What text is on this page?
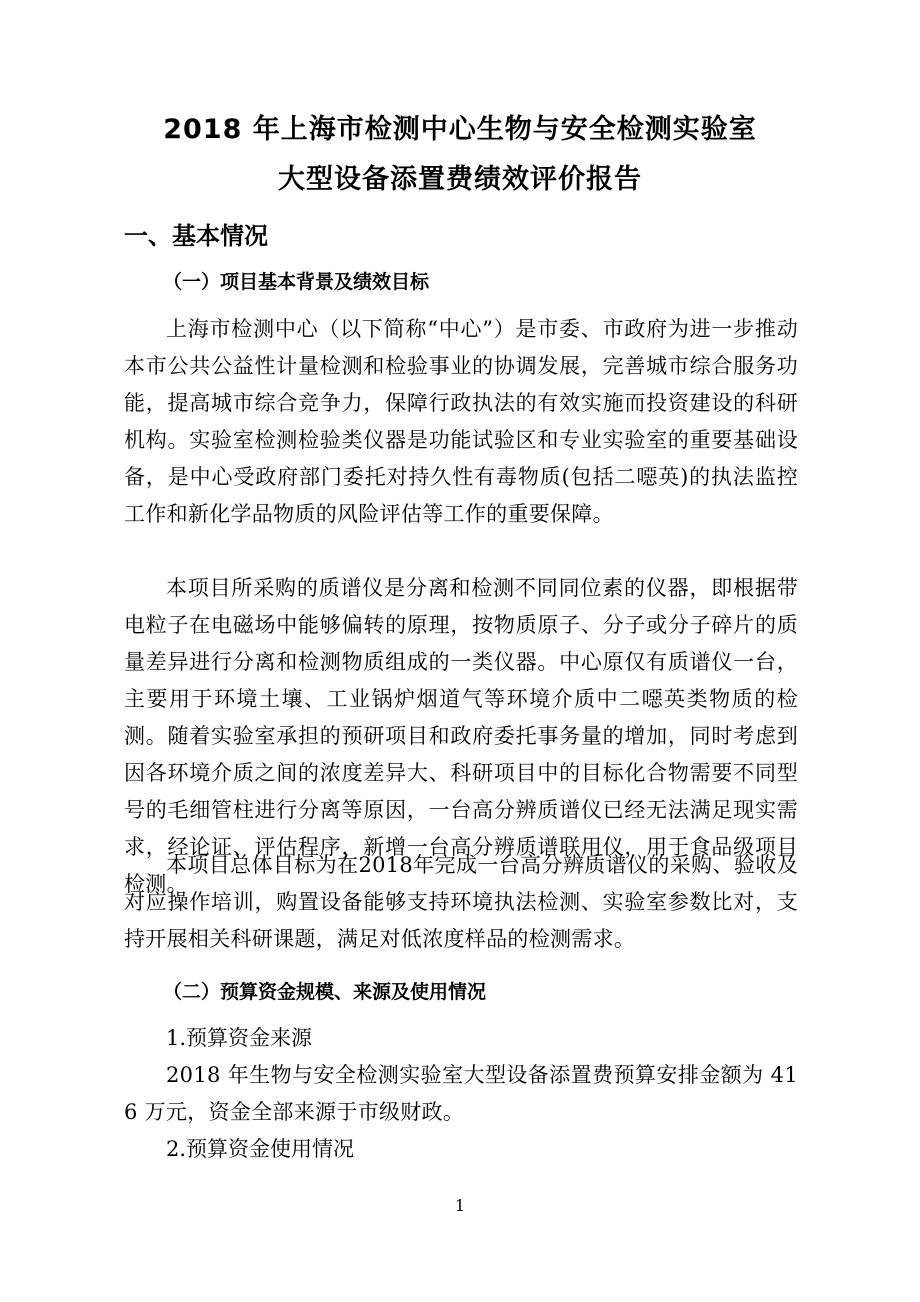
2018 年上海市检测中心生物与安全检测实验室
大型设备添置费绩效评价报告
一、基本情况
（一）项目基本背景及绩效目标
上海市检测中心（以下简称“中心”）是市委、市政府为进一步推动本市公共公益性计量检测和检验事业的协调发展，完善城市综合服务功能，提高城市综合竞争力，保障行政执法的有效实施而投资建设的科研机构。实验室检测检验类仪器是功能试验区和专业实验室的重要基础设备，是中心受政府部门委托对持久性有毒物质(包括二噁英)的执法监控工作和新化学品物质的风险评估等工作的重要保障。
本项目所采购的质谱仪是分离和检测不同同位素的仪器，即根据带电粒子在电磁场中能够偏转的原理，按物质原子、分子或分子碎片的质量差异进行分离和检测物质组成的一类仪器。中心原仅有质谱仪一台，主要用于环境土壤、工业锅炉烟道气等环境介质中二噁英类物质的检测。随着实验室承担的预研项目和政府委托事务量的增加，同时考虑到因各环境介质之间的浓度差异大、科研项目中的目标化合物需要不同型号的毛细管柱进行分离等原因，一台高分辨质谱仪已经无法满足现实需求，经论证、评估程序，新增一台高分辨质谱联用仪，用于食品级项目检测。
本项目总体目标为在2018年完成一台高分辨质谱仪的采购、验收及对应操作培训，购置设备能够支持环境执法检测、实验室参数比对，支持开展相关科研课题，满足对低浓度样品的检测需求。
（二）预算资金规模、来源及使用情况
1.预算资金来源
2018 年生物与安全检测实验室大型设备添置费预算安排金额为 416 万元，资金全部来源于市级财政。
2.预算资金使用情况
1
